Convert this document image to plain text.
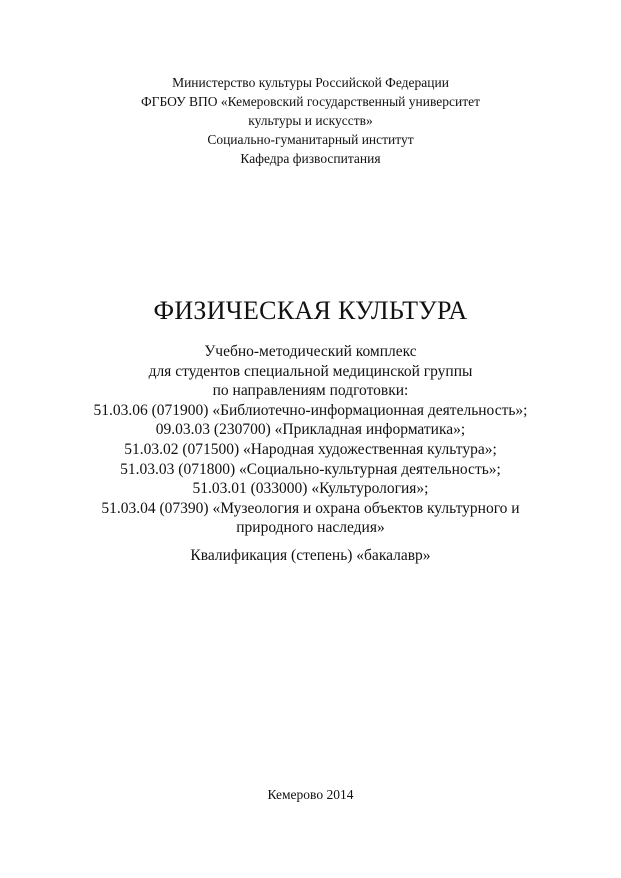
Министерство культуры Российской Федерации
ФГБОУ ВПО «Кемеровский государственный университет
культуры и искусств»
Социально-гуманитарный институт
Кафедра физвоспитания
ФИЗИЧЕСКАЯ КУЛЬТУРА
Учебно-методический комплекс
для студентов специальной медицинской группы
по направлениям подготовки:
51.03.06 (071900) «Библиотечно-информационная деятельность»;
09.03.03 (230700) «Прикладная информатика»;
51.03.02 (071500) «Народная художественная культура»;
51.03.03 (071800) «Социально-культурная деятельность»;
51.03.01 (033000) «Культурология»;
51.03.04 (07390) «Музеология и охрана объектов культурного и
природного наследия»
Квалификация (степень) «бакалавр»
Кемерово 2014
